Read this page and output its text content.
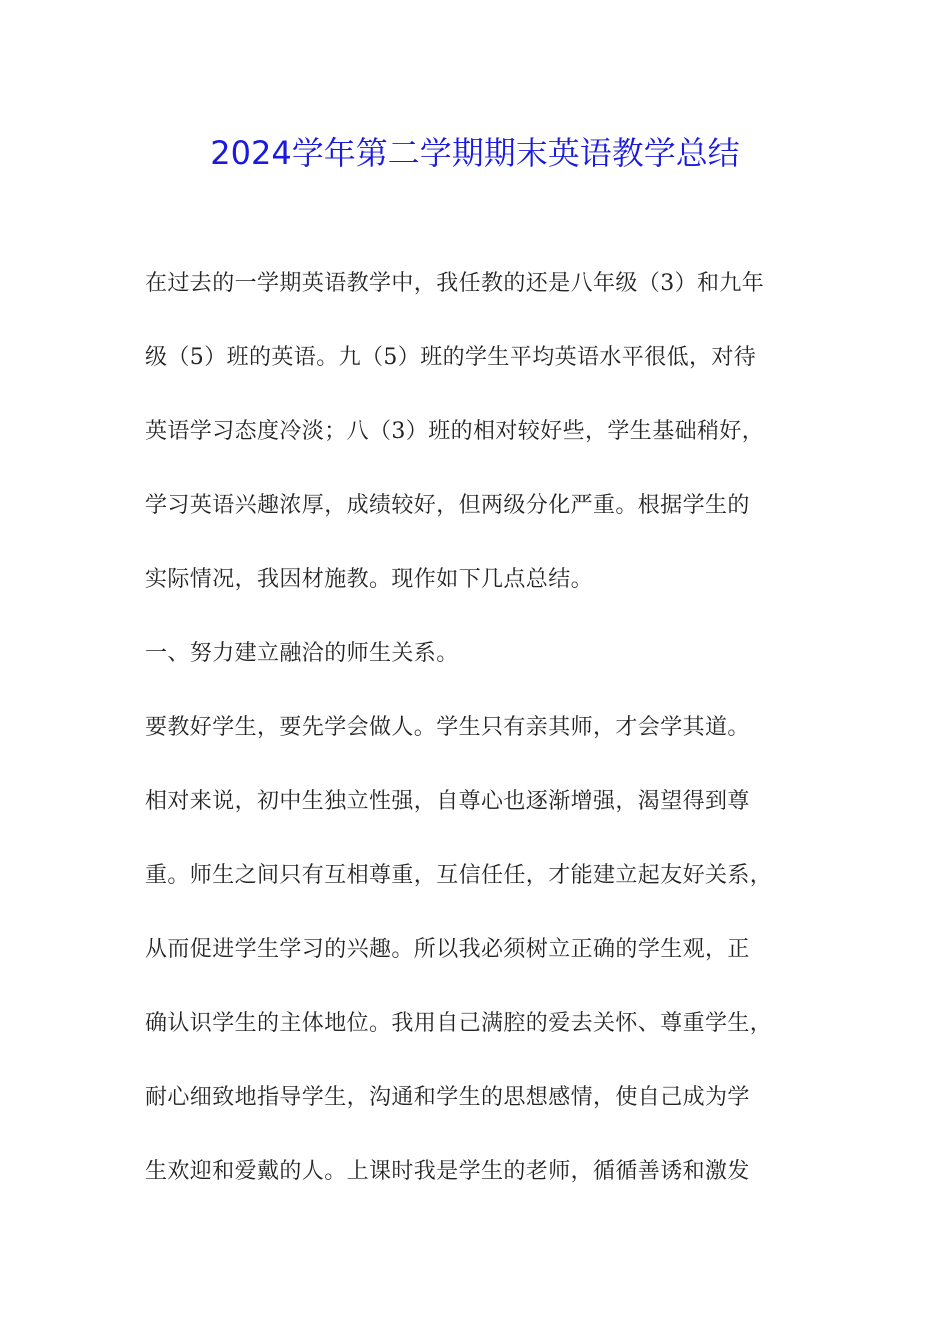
2024学年第二学期期末英语教学总结
在过去的一学期英语教学中，我任教的还是八年级（3）和九年
级（5）班的英语。九（5）班的学生平均英语水平很低，对待
英语学习态度冷淡；八（3）班的相对较好些，学生基础稍好，
学习英语兴趣浓厚，成绩较好，但两级分化严重。根据学生的
实际情况，我因材施教。现作如下几点总结。
一、努力建立融洽的师生关系。
要教好学生，要先学会做人。学生只有亲其师，才会学其道。
相对来说，初中生独立性强，自尊心也逐渐增强，渴望得到尊
重。师生之间只有互相尊重，互信任任，才能建立起友好关系，
从而促进学生学习的兴趣。所以我必须树立正确的学生观，正
确认识学生的主体地位。我用自己满腔的爱去关怀、尊重学生，
耐心细致地指导学生，沟通和学生的思想感情，使自己成为学
生欢迎和爱戴的人。上课时我是学生的老师，循循善诱和激发
